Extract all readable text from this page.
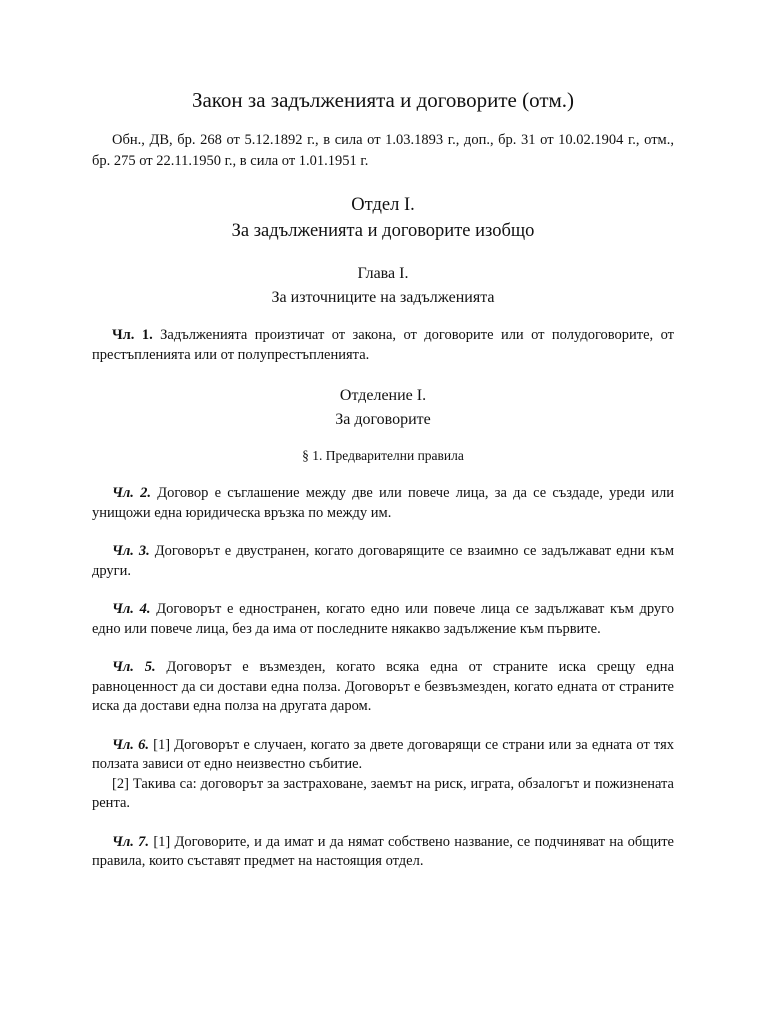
Закон за задълженията и договорите (отм.)

Обн., ДВ, бр. 268 от 5.12.1892 г., в сила от 1.03.1893 г., доп., бр. 31 от 10.02.1904 г., отм., бр. 275 от 22.11.1950 г., в сила от 1.01.1951 г.

Отдел I.
За задълженията и договорите изобщо
Глава I.
За източниците на задълженията

Чл. 1. Задълженията произтичат от закона, от договорите или от полудоговорите, от престъпленията или от полупрестъпленията.

Отделение I.
За договорите
§ 1. Предварителни правила

Чл. 2. Договор е съглашение между две или повече лица, за да се създаде, уреди или унищожи една юридическа връзка по между им.

Чл. 3. Договорът е двустранен, когато договарящите се взаимно се задължават едни към други.

Чл. 4. Договорът е едностранен, когато едно или повече лица се задължават към друго едно или повече лица, без да има от последните някакво задължение към първите.

Чл. 5. Договорът е възмезден, когато всяка една от страните иска срещу една равноценност да си достави една полза. Договорът е безвъзмезден, когато едната от страните иска да достави една полза на другата даром.

Чл. 6. [1] Договорът е случаен, когато за двете договарящи се страни или за едната от тях ползата зависи от едно неизвестно събитие.

[2] Такива са: договорът за застраховане, заемът на риск, играта, обзалогът и пожизнената рента.

Чл. 7. [1] Договорите, и да имат и да нямат собствено название, се подчиняват на общите правила, които съставят предмет на настоящия отдел.
